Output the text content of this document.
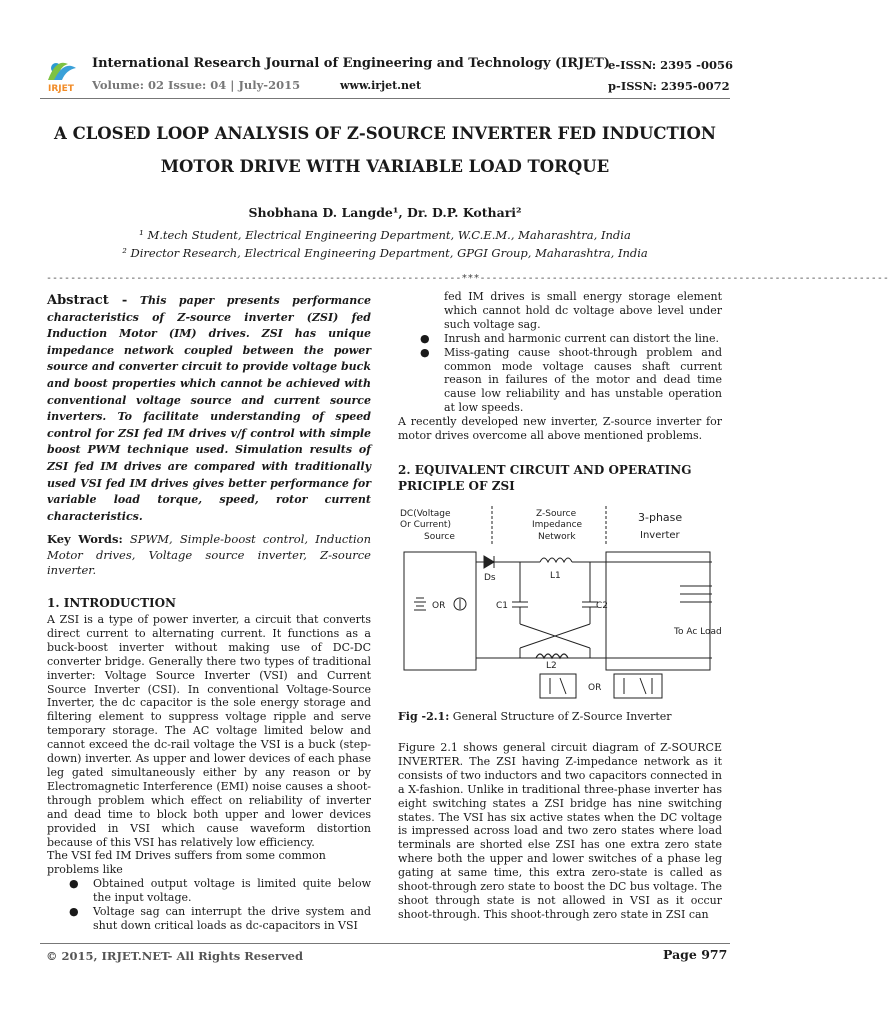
IRJET
International Research Journal of Engineering and Technology (IRJET)
e-ISSN: 2395 -0056
Volume: 02 Issue: 04 | July-2015	www.irjet.net	p-ISSN: 2395-0072
A CLOSED LOOP ANALYSIS OF Z-SOURCE INVERTER FED INDUCTION
MOTOR DRIVE WITH VARIABLE LOAD TORQUE
Shobhana D. Langde¹, Dr. D.P. Kothari²
¹ M.tech Student, Electrical Engineering Department, W.C.E.M., Maharashtra, India
² Director Research, Electrical Engineering Department, GPGI Group, Maharashtra, India
---------------------------------------------------------------------***--------------------------------------------------------------------
Abstract - This paper presents performance characteristics of Z-source inverter (ZSI) fed Induction Motor (IM) drives. ZSI has unique impedance network coupled between the power source and converter circuit to provide voltage buck and boost properties which cannot be achieved with conventional voltage source and current source inverters. To facilitate understanding of speed control for ZSI fed IM drives v/f control with simple boost PWM technique used. Simulation results of ZSI fed IM drives are compared with traditionally used VSI fed IM drives gives better performance for variable load torque, speed, rotor current characteristics.
Key Words: SPWM, Simple-boost control, Induction Motor drives, Voltage source inverter, Z-source inverter.
1. INTRODUCTION

A ZSI is a type of power inverter, a circuit that converts direct current to alternating current. It functions as a buck-boost inverter without making use of DC-DC converter bridge. Generally there two types of traditional inverter: Voltage Source Inverter (VSI) and Current Source Inverter (CSI). In conventional Voltage-Source Inverter, the dc capacitor is the sole energy storage and filtering element to suppress voltage ripple and serve temporary storage. The AC voltage limited below and cannot exceed the dc-rail voltage the VSI is a buck (step-down) inverter. As upper and lower devices of each phase leg gated simultaneously either by any reason or by Electromagnetic Interference (EMI) noise causes a shoot-through problem which effect on reliability of inverter and dead time to block both upper and lower devices provided in VSI which cause waveform distortion because of this VSI has relatively low efficiency.

The VSI fed IM Drives suffers from some common problems like

● Obtained output voltage is limited quite below the input voltage.
● Voltage sag can interrupt the drive system and shut down critical loads as dc-capacitors in VSI

fed IM drives is small energy storage element which cannot hold dc voltage above level under such voltage sag.

● Inrush and harmonic current can distort the line.
● Miss-gating cause shoot-through problem and common mode voltage causes shaft current reason in failures of the motor and dead time cause low reliability and has unstable operation at low speeds.

A recently developed new inverter, Z-source inverter for motor drives overcome all above mentioned problems.

2. EQUIVALENT CIRCUIT AND OPERATING PRICIPLE OF ZSI
DC(Voltage
Or Current)
Source
Z-Source
Impedance
Network
3-phase
Inverter
OR
Ds	L1
C1	C2
L2
To Ac Load
OR
Fig -2.1: General Structure of Z-Source Inverter
Figure 2.1 shows general circuit diagram of Z-SOURCE INVERTER. The ZSI having Z-impedance network as it consists of two inductors and two capacitors connected in a X-fashion. Unlike in traditional three-phase inverter has eight switching states a ZSI bridge has nine switching states. The VSI has six active states when the DC voltage is impressed across load and two zero states where load terminals are shorted else ZSI has one extra zero state where both the upper and lower switches of a phase leg gating at same time, this extra zero-state is called as shoot-through zero state to boost the DC bus voltage. The shoot through state is not allowed in VSI as it occur shoot-through. This shoot-through zero state in ZSI can
© 2015, IRJET.NET- All Rights Reserved	Page 977
